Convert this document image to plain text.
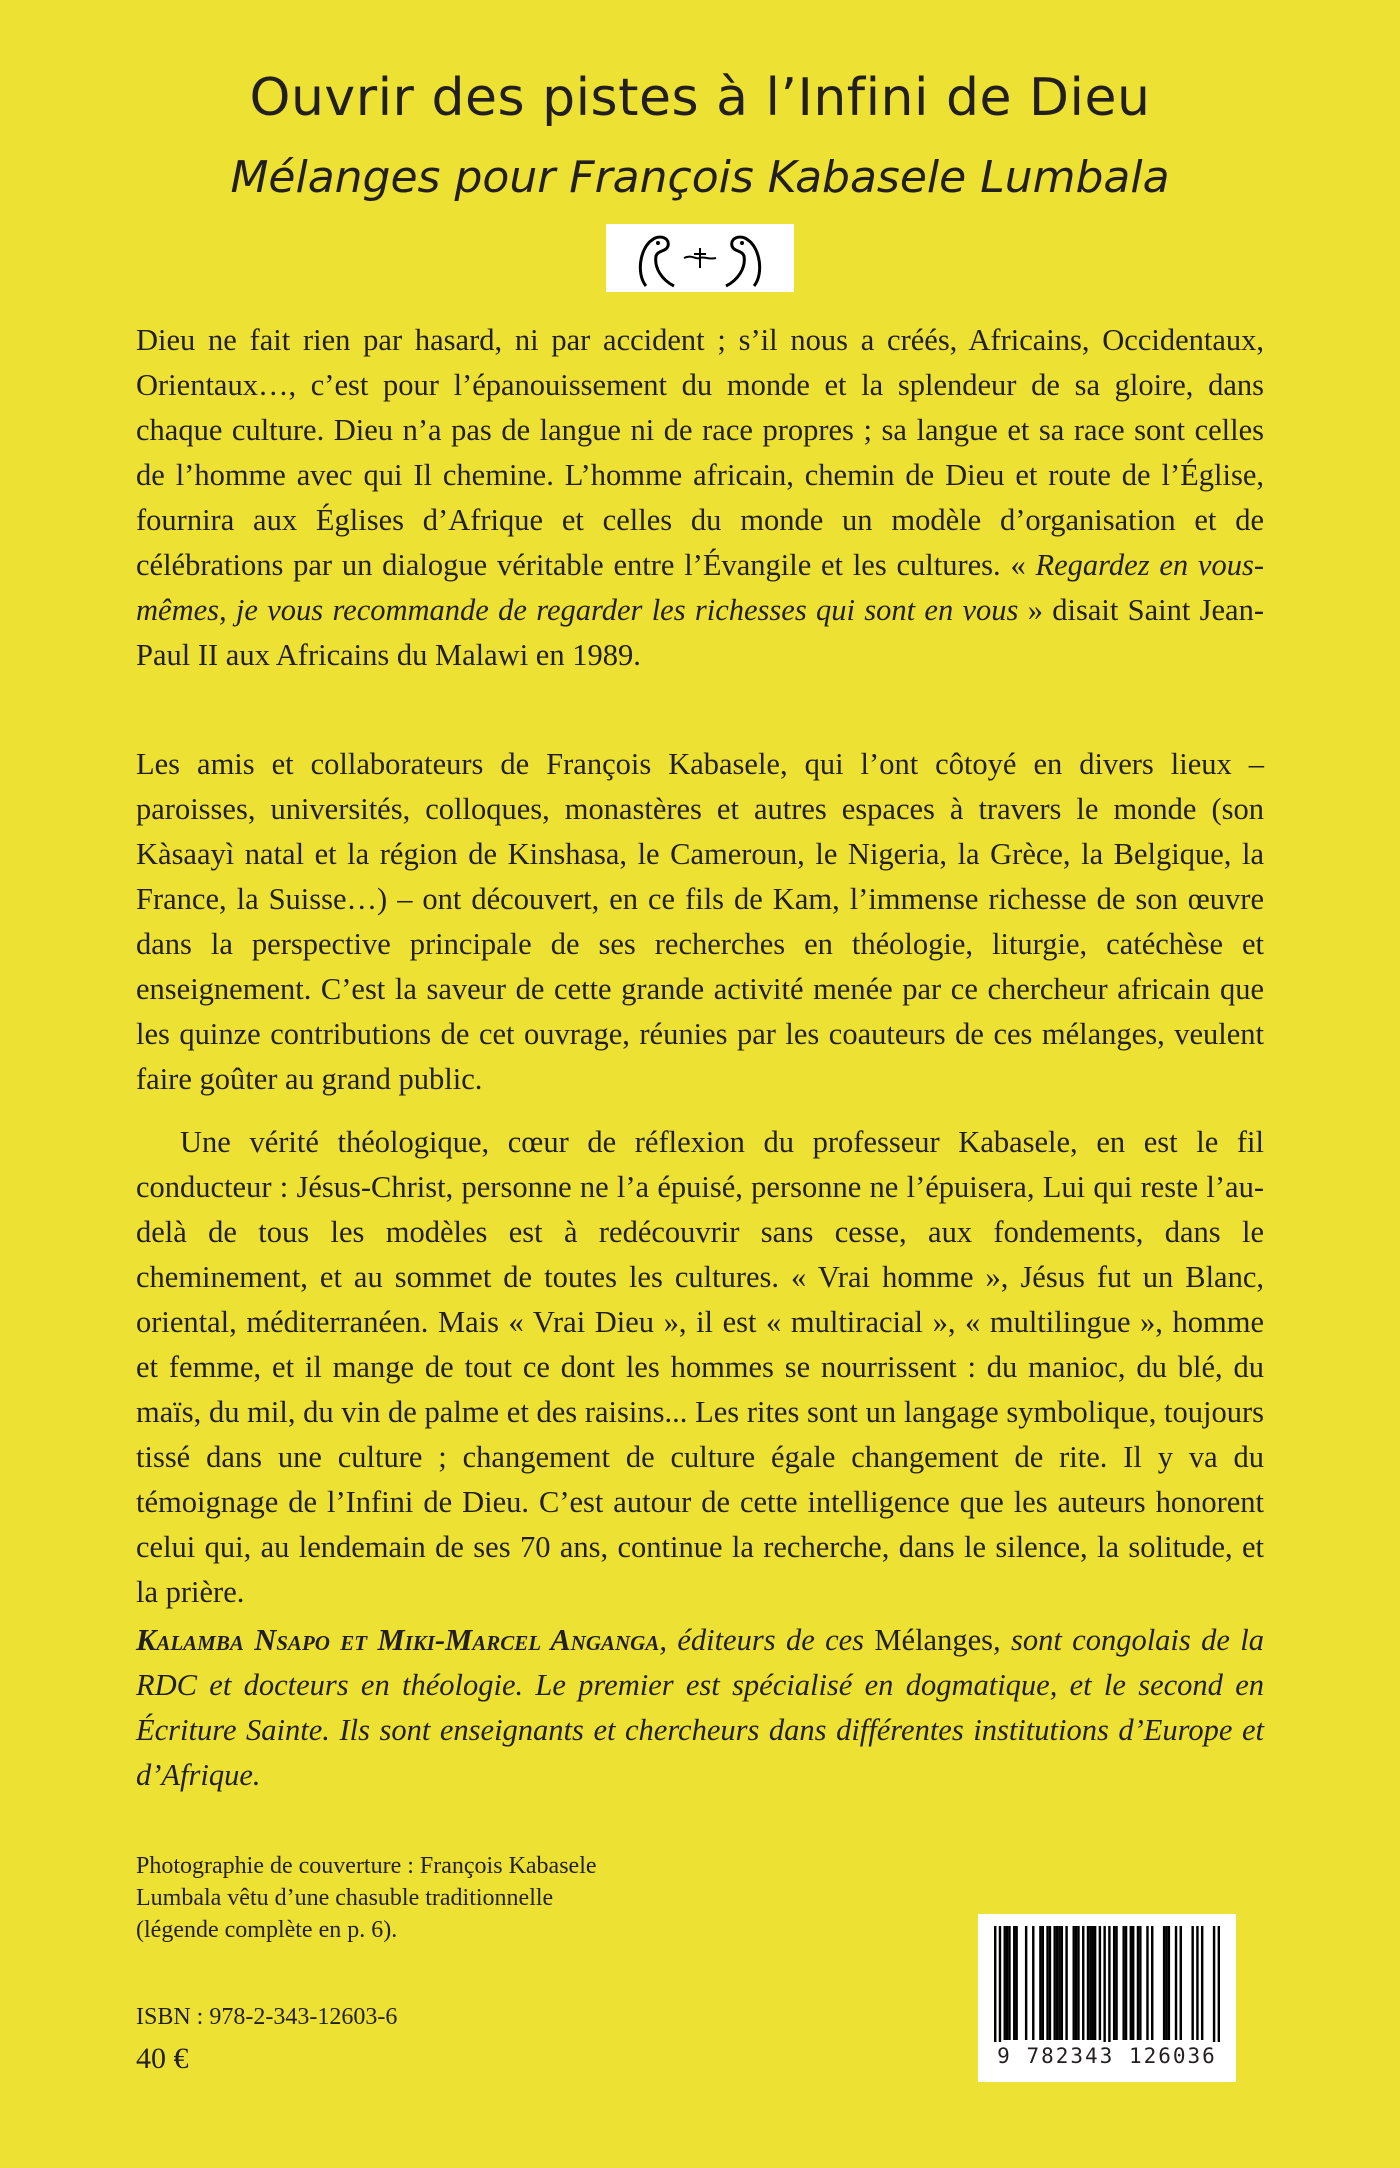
Ouvrir des pistes à l’Infini de Dieu
Mélanges pour François Kabasele Lumbala

Dieu ne fait rien par hasard, ni par accident ; s’il nous a créés, Africains, Occidentaux, Orientaux…, c’est pour l’épanouissement du monde et la splendeur de sa gloire, dans chaque culture. Dieu n’a pas de langue ni de race propres ; sa langue et sa race sont celles de l’homme avec qui Il chemine. L’homme africain, chemin de Dieu et route de l’Église, fournira aux Églises d’Afrique et celles du monde un modèle d’organisation et de célébrations par un dialogue véritable entre l’Évangile et les cultures. « Regardez en vous-mêmes, je vous recommande de regarder les richesses qui sont en vous » disait Saint Jean-Paul II aux Africains du Malawi en 1989.

Les amis et collaborateurs de François Kabasele, qui l’ont côtoyé en divers lieux – paroisses, universités, colloques, monastères et autres espaces à travers le monde (son Kàsaayì natal et la région de Kinshasa, le Cameroun, le Nigeria, la Grèce, la Belgique, la France, la Suisse…) – ont découvert, en ce fils de Kam, l’immense richesse de son œuvre dans la perspective principale de ses recherches en théologie, liturgie, catéchèse et enseignement. C’est la saveur de cette grande activité menée par ce chercheur africain que les quinze contributions de cet ouvrage, réunies par les coauteurs de ces mélanges, veulent faire goûter au grand public.

Une vérité théologique, cœur de réflexion du professeur Kabasele, en est le fil conducteur : Jésus-Christ, personne ne l’a épuisé, personne ne l’épuisera, Lui qui reste l’au-delà de tous les modèles est à redécouvrir sans cesse, aux fondements, dans le cheminement, et au sommet de toutes les cultures. « Vrai homme », Jésus fut un Blanc, oriental, méditerranéen. Mais « Vrai Dieu », il est « multiracial », « multilingue », homme et femme, et il mange de tout ce dont les hommes se nourrissent : du manioc, du blé, du maïs, du mil, du vin de palme et des raisins... Les rites sont un langage symbolique, toujours tissé dans une culture ; changement de culture égale changement de rite. Il y va du témoignage de l’Infini de Dieu. C’est autour de cette intelligence que les auteurs honorent celui qui, au lendemain de ses 70 ans, continue la recherche, dans le silence, la solitude, et la prière.

Kalamba Nsapo et Miki-Marcel Anganga, éditeurs de ces Mélanges, sont congolais de la RDC et docteurs en théologie. Le premier est spécialisé en dogmatique, et le second en Écriture Sainte. Ils sont enseignants et chercheurs dans différentes institutions d’Europe et d’Afrique.

Photographie de couverture : François Kabasele
Lumbala vêtu d’une chasuble traditionnelle
(légende complète en p. 6).

ISBN : 978-2-343-12603-6

40 €	9 782343 126036
